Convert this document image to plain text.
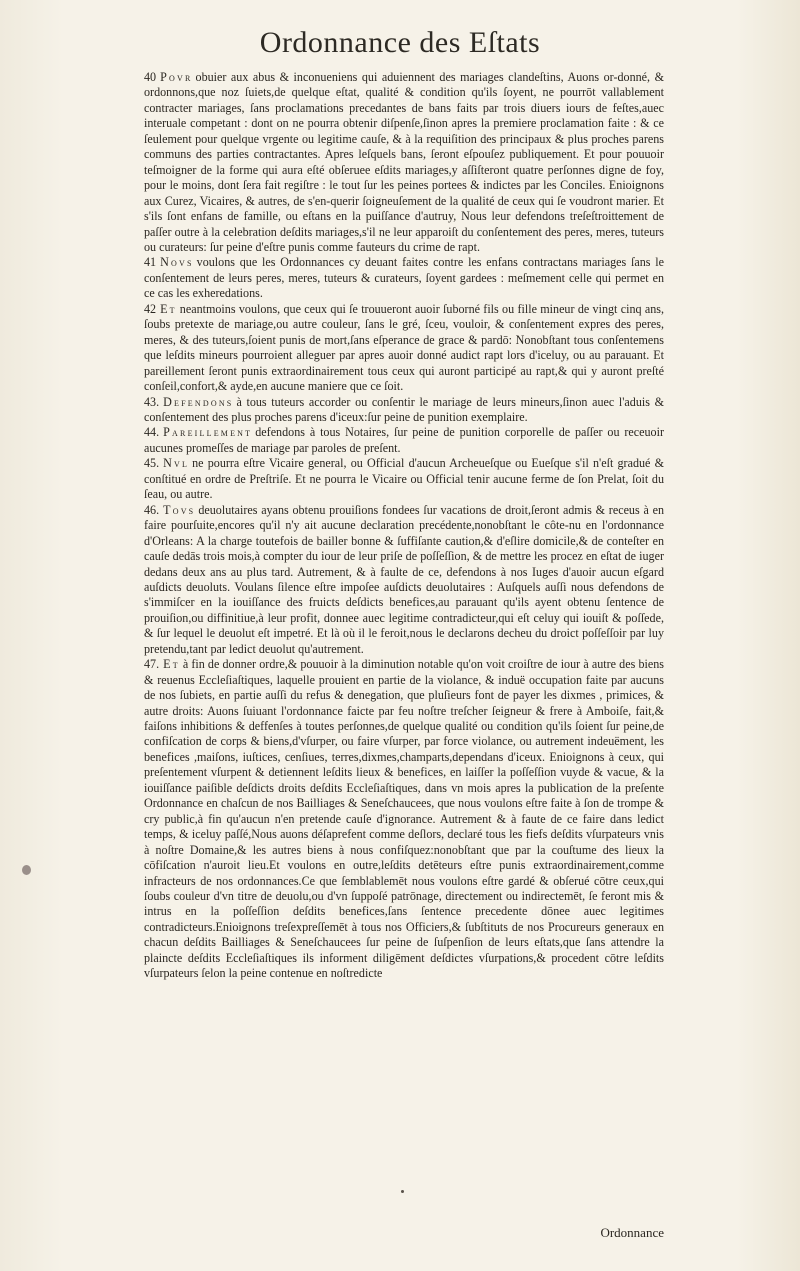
Ordonnance des Eſtats

40 Povr obuier aux abus & inconueniens qui aduiennent des mariages clandeſtins, Auons or-donné, & ordonnons,que noz ſuiets,de quelque eſtat, qualité & condition qu'ils ſoyent, ne pourrōt vallablement contracter mariages, ſans proclamations precedantes de bans faits par trois diuers iours de feſtes,auec interuale competant : dont on ne pourra obtenir diſpenſe,ſinon apres la premiere proclamation faite : & ce ſeulement pour quelque vrgente ou legitime cauſe, & à la requiſition des principaux & plus proches parens communs des parties contractantes. Apres leſquels bans, ſeront eſpouſez publiquement. Et pour pouuoir teſmoigner de la forme qui aura eſté obſeruee eſdits mariages,y aſſiſteront quatre perſonnes digne de foy, pour le moins, dont ſera fait regiſtre : le tout ſur les peines portees & indictes par les Conciles. Enioignons aux Curez, Vicaires, & autres, de s'en-querir ſoigneuſement de la qualité de ceux qui ſe voudront marier. Et s'ils ſont enfans de famille, ou eſtans en la puiſſance d'autruy, Nous leur defendons treſeſtroittement de paſſer outre à la celebration deſdits mariages,s'il ne leur apparoiſt du conſentement des peres, meres, tuteurs ou curateurs: ſur peine d'eſtre punis comme fauteurs du crime de rapt.

41 Novs voulons que les Ordonnances cy deuant faites contre les enfans contractans mariages ſans le conſentement de leurs peres, meres, tuteurs & curateurs, ſoyent gardees : meſmement celle qui permet en ce cas les exheredations.

42 Et neantmoins voulons, que ceux qui ſe trouueront auoir ſuborné fils ou fille mineur de vingt cinq ans, ſoubs pretexte de mariage,ou autre couleur, ſans le gré, ſceu, vouloir, & conſentement expres des peres, meres, & des tuteurs,ſoient punis de mort,ſans eſperance de grace & pardō: Nonobſtant tous conſentemens que leſdits mineurs pourroient alleguer par apres auoir donné audict rapt lors d'iceluy, ou au parauant. Et pareillement ſeront punis extraordinairement tous ceux qui auront participé au rapt,& qui y auront preſté conſeil,confort,& ayde,en aucune maniere que ce ſoit.

43. Defendons à tous tuteurs accorder ou conſentir le mariage de leurs mineurs,ſinon auec l'aduis & conſentement des plus proches parens d'iceux:ſur peine de punition exemplaire.

44. Pareillement defendons à tous Notaires, ſur peine de punition corporelle de paſſer ou receuoir aucunes promeſſes de mariage par paroles de preſent.

45. Nvl ne pourra eſtre Vicaire general, ou Official d'aucun Archeueſque ou Eueſque s'il n'eſt gradué & conſtitué en ordre de Preſtriſe. Et ne pourra le Vicaire ou Official tenir aucune ferme de ſon Prelat, ſoit du ſeau, ou autre.

46. Tovs deuolutaires ayans obtenu prouiſions fondees ſur vacations de droit,ſeront admis & receus à en faire pourſuite,encores qu'il n'y ait aucune declaration precédente,nonobſtant le côte-nu en l'ordonnance d'Orleans: A la charge toutefois de bailler bonne & ſuffiſante caution,& d'eſlire domicile,& de conteſter en cauſe dedās trois mois,à compter du iour de leur priſe de poſſeſſion, & de mettre les procez en eſtat de iuger dedans deux ans au plus tard. Autrement, & à faulte de ce, defendons à nos Iuges d'auoir aucun eſgard auſdicts deuoluts. Voulans ſilence eſtre impoſee auſdicts deuolutaires : Auſquels auſſi nous defendons de s'immiſcer en la iouiſſance des fruicts deſdicts benefices,au parauant qu'ils ayent obtenu ſentence de prouiſion,ou diffinitiue,à leur profit, donnee auec legitime contradicteur,qui eſt celuy qui iouiſt & poſſede, & ſur lequel le deuolut eſt impetré. Et là où il le feroit,nous le declarons decheu du droict poſſeſſoir par luy pretendu,tant par ledict deuolut qu'autrement.

47. Et à fin de donner ordre,& pouuoir à la diminution notable qu'on voit croiſtre de iour à autre des biens & reuenus Eccleſiaſtiques, laquelle prouient en partie de la violance, & induë occupation faite par aucuns de nos ſubiets, en partie auſſi du refus & denegation, que pluſieurs font de payer les dixmes , primices, & autre droits: Auons ſuiuant l'ordonnance faicte par feu noſtre treſcher ſeigneur & frere à Amboiſe, fait,& faiſons inhibitions & deffenſes à toutes perſonnes,de quelque qualité ou condition qu'ils ſoient ſur peine,de confiſcation de corps & biens,d'vſurper, ou faire vſurper, par force violance, ou autrement indeuëment, les benefices ,maiſons, iuſtices, cenſiues, terres,dixmes,champarts,dependans d'iceux. Enioignons à ceux, qui preſentement vſurpent & detiennent leſdits lieux & benefices, en laiſſer la poſſeſſion vuyde & vacue, & la iouiſſance paiſible deſdicts droits deſdits Eccleſiaſtiques, dans vn mois apres la publication de la preſente Ordonnance en chaſcun de nos Bailliages & Seneſchaucees, que nous voulons eſtre faite à ſon de trompe & cry public,à fin qu'aucun n'en pretende cauſe d'ignorance. Autrement & à faute de ce faire dans ledict temps, & iceluy paſſé,Nous auons déſaprefent comme deſlors, declaré tous les fiefs deſdits vſurpateurs vnis à noſtre Domaine,& les autres biens à nous confiſquez:nonobſtant que par la couſtume des lieux la cōfiſcation n'auroit lieu.Et voulons en outre,leſdits detēteurs eſtre punis extraordinairement,comme infracteurs de nos ordonnances.Ce que ſemblablemēt nous voulons eſtre gardé & obſerué cōtre ceux,qui ſoubs couleur d'vn titre de deuolu,ou d'vn ſuppoſé patrōnage, directement ou indirectemēt, ſe feront mis & intrus en la poſſeſſion deſdits benefices,ſans ſentence precedente dōnee auec legitimes contradicteurs.Enioignons treſexpreſſemēt à tous nos Officiers,& ſubſtituts de nos Procureurs generaux en chacun deſdits Bailliages & Seneſchaucees ſur peine de ſuſpenſion de leurs eſtats,que ſans attendre la plaincte deſdits Eccleſiaſtiques ils informent diligēment deſdictes vſurpations,& procedent cōtre leſdits vſurpateurs ſelon la peine contenue en noſtredicte

Ordonnance
